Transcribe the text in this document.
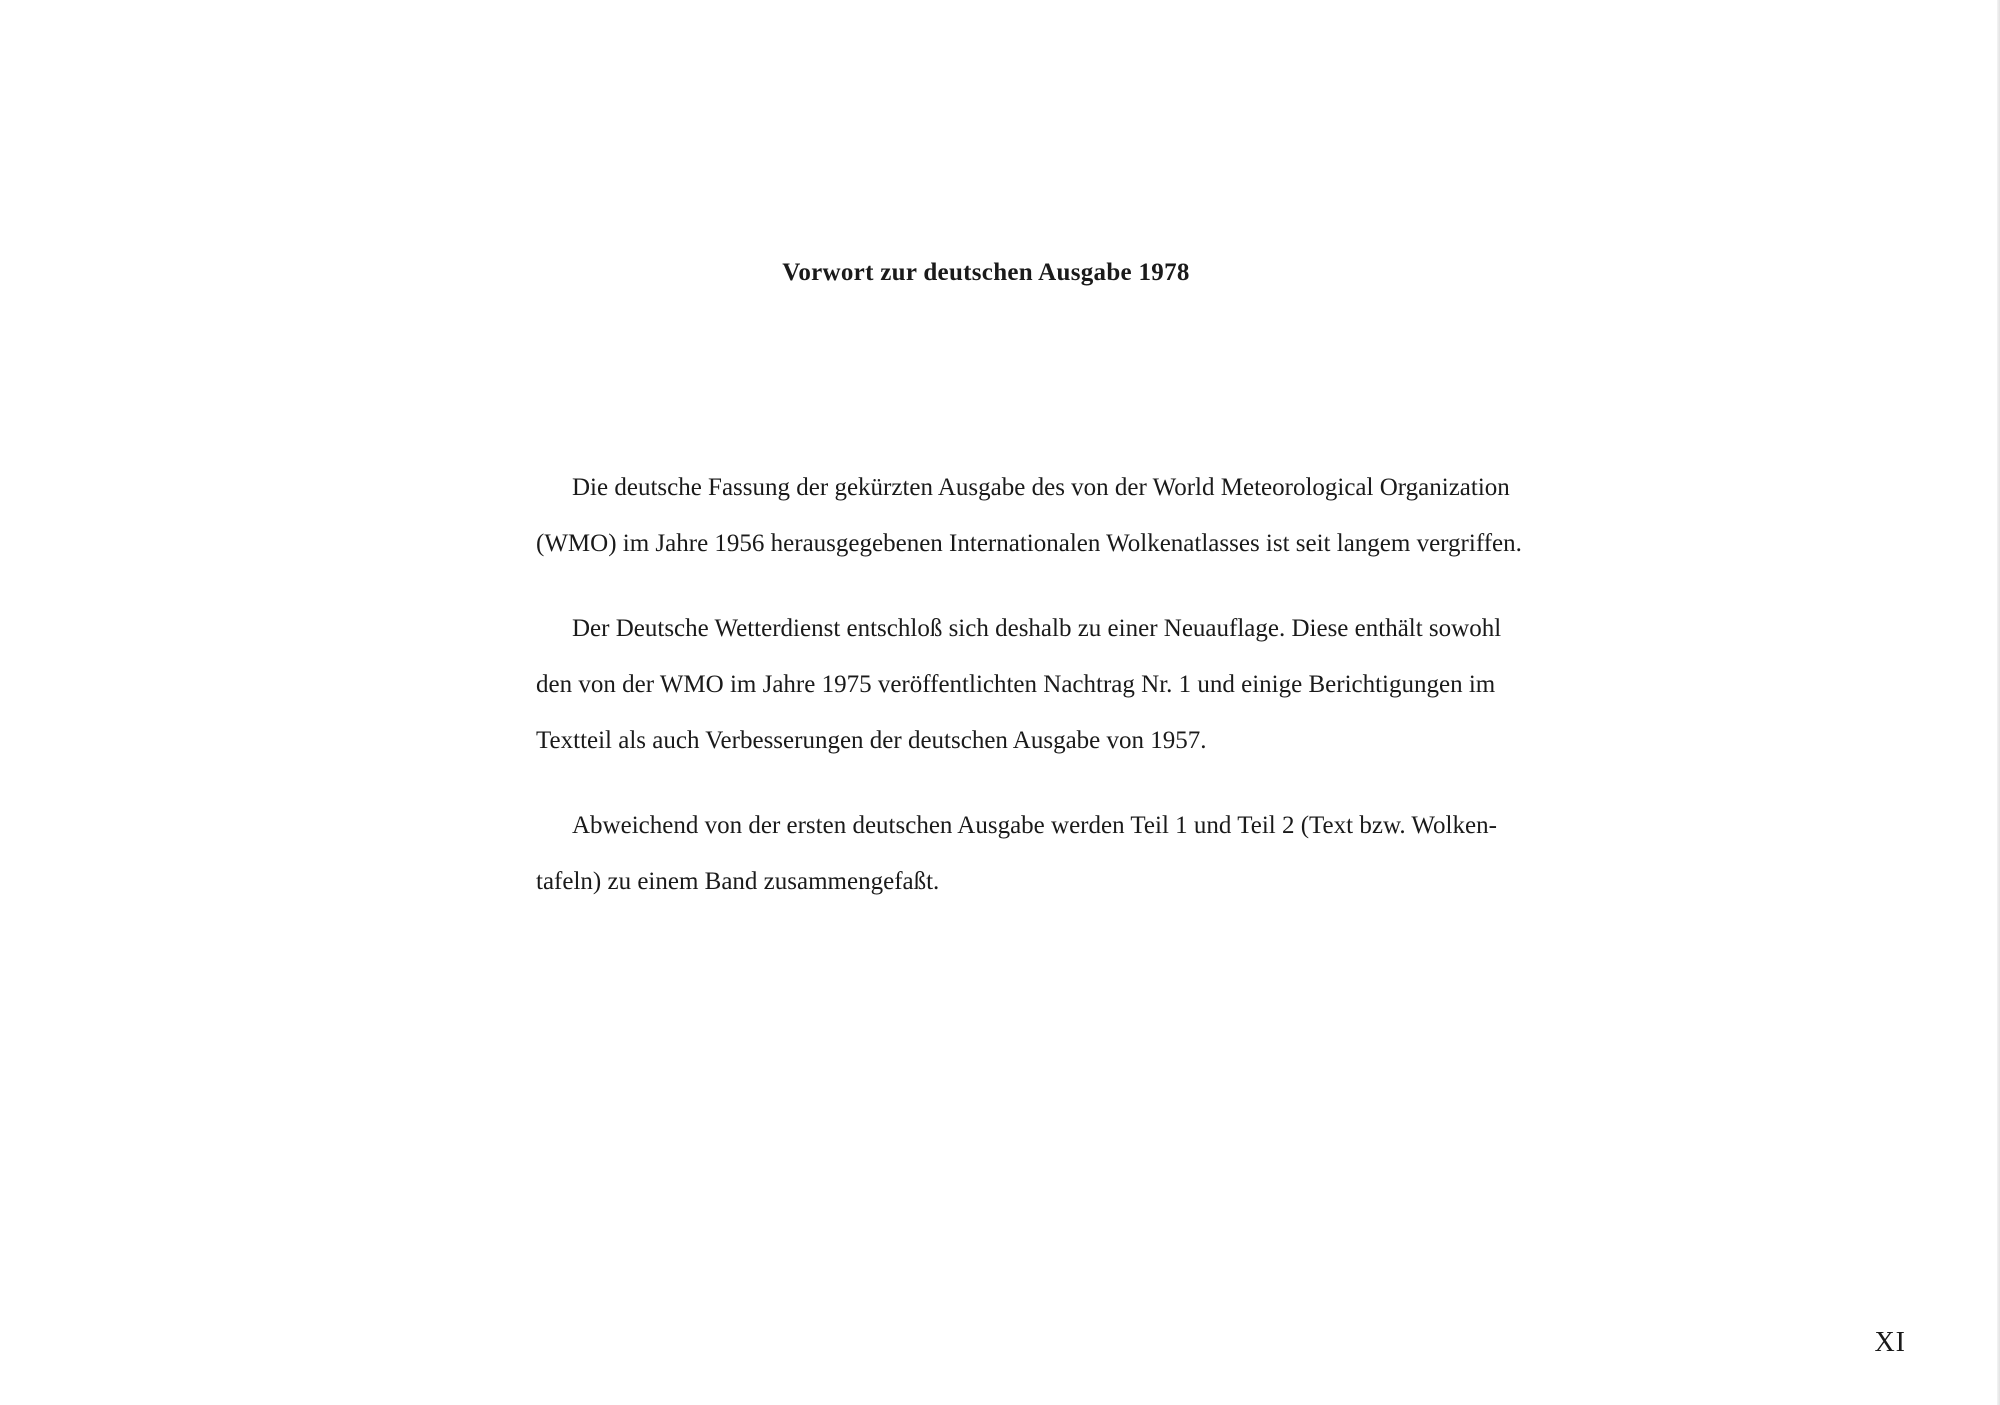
Vorwort zur deutschen Ausgabe 1978
Die deutsche Fassung der gekürzten Ausgabe des von der World Meteorological Organization
(WMO) im Jahre 1956 herausgegebenen Internationalen Wolkenatlasses ist seit langem vergriffen.
Der Deutsche Wetterdienst entschloß sich deshalb zu einer Neuauflage. Diese enthält sowohl
den von der WMO im Jahre 1975 veröffentlichten Nachtrag Nr. 1 und einige Berichtigungen im
Textteil als auch Verbesserungen der deutschen Ausgabe von 1957.
Abweichend von der ersten deutschen Ausgabe werden Teil 1 und Teil 2 (Text bzw. Wolken-
tafeln) zu einem Band zusammengefaßt.
XI
